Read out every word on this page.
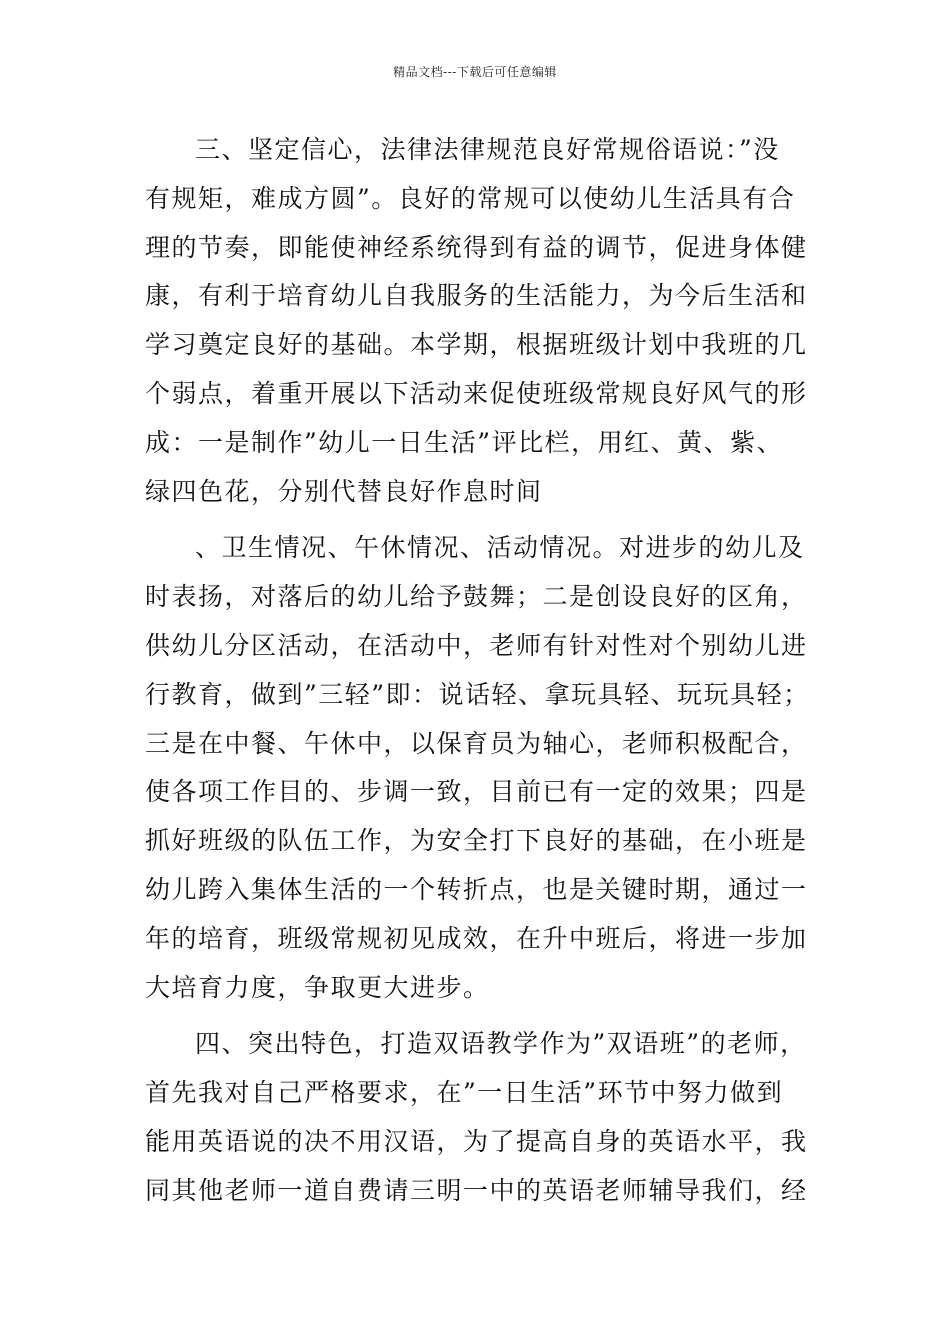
精品文档---下载后可任意编辑
三、坚定信心，法律法律规范良好常规俗语说：”没
有规矩，难成方圆”。良好的常规可以使幼儿生活具有合
理的节奏，即能使神经系统得到有益的调节，促进身体健
康，有利于培育幼儿自我服务的生活能力，为今后生活和
学习奠定良好的基础。本学期，根据班级计划中我班的几
个弱点，着重开展以下活动来促使班级常规良好风气的形
成：一是制作”幼儿一日生活”评比栏，用红、黄、紫、
绿四色花，分别代替良好作息时间
、卫生情况、午休情况、活动情况。对进步的幼儿及
时表扬，对落后的幼儿给予鼓舞；二是创设良好的区角，
供幼儿分区活动，在活动中，老师有针对性对个别幼儿进
行教育，做到”三轻”即：说话轻、拿玩具轻、玩玩具轻；
三是在中餐、午休中，以保育员为轴心，老师积极配合，
使各项工作目的、步调一致，目前已有一定的效果；四是
抓好班级的队伍工作，为安全打下良好的基础，在小班是
幼儿跨入集体生活的一个转折点，也是关键时期，通过一
年的培育，班级常规初见成效，在升中班后，将进一步加
大培育力度，争取更大进步。
四、突出特色，打造双语教学作为”双语班”的老师，
首先我对自己严格要求，在”一日生活”环节中努力做到
能用英语说的决不用汉语，为了提高自身的英语水平，我
同其他老师一道自费请三明一中的英语老师辅导我们，经
